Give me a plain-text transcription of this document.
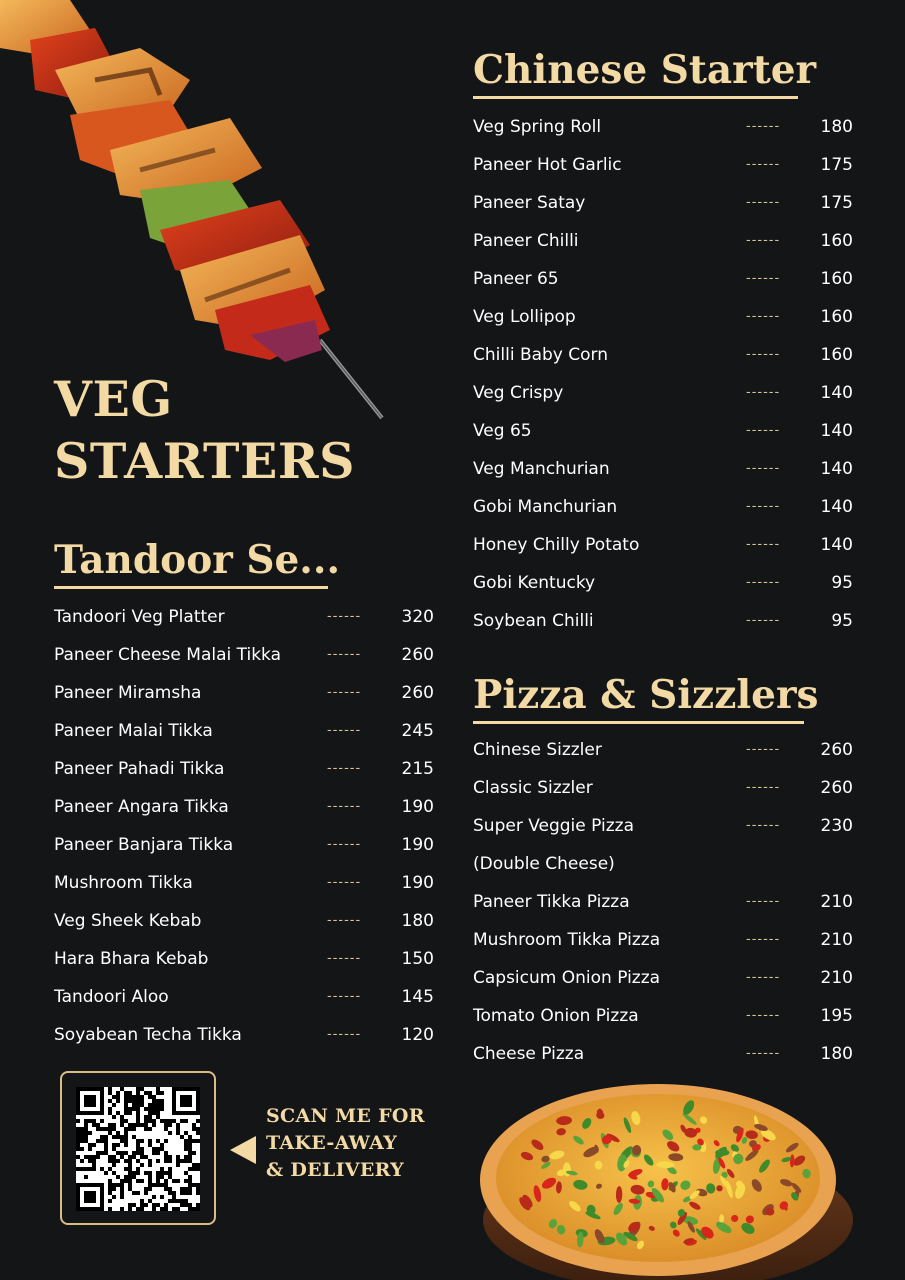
VEG
STARTERS
Tandoor Se...
Tandoori Veg Platter	------ 320
Paneer Cheese Malai Tikka	------ 260
Paneer Miramsha	------ 260
Paneer Malai Tikka	------ 245
Paneer Pahadi Tikka	------ 215
Paneer Angara Tikka	------ 190
Paneer Banjara Tikka	------ 190
Mushroom Tikka	------ 190
Veg Sheek Kebab	------ 180
Hara Bhara Kebab	------ 150
Tandoori Aloo	------ 145
Soyabean Techa Tikka	------ 120
Chinese Starter
Veg Spring Roll	------ 180
Paneer Hot Garlic	------ 175
Paneer Satay	------ 175
Paneer Chilli	------ 160
Paneer 65	------ 160
Veg Lollipop	------ 160
Chilli Baby Corn	------ 160
Veg Crispy	------ 140
Veg 65	------ 140
Veg Manchurian	------ 140
Gobi Manchurian	------ 140
Honey Chilly Potato	------ 140
Gobi Kentucky	------	95
Soybean Chilli	------	95
Pizza & Sizzlers
Chinese Sizzler	------ 260
Classic Sizzler	------ 260
Super Veggie Pizza	------ 230
(Double Cheese)
Paneer Tikka Pizza	------ 210
Mushroom Tikka Pizza	------ 210
Capsicum Onion Pizza	------ 210
Tomato Onion Pizza	------ 195
Cheese Pizza	------ 180
SCAN ME FOR
TAKE-AWAY
& DELIVERY
